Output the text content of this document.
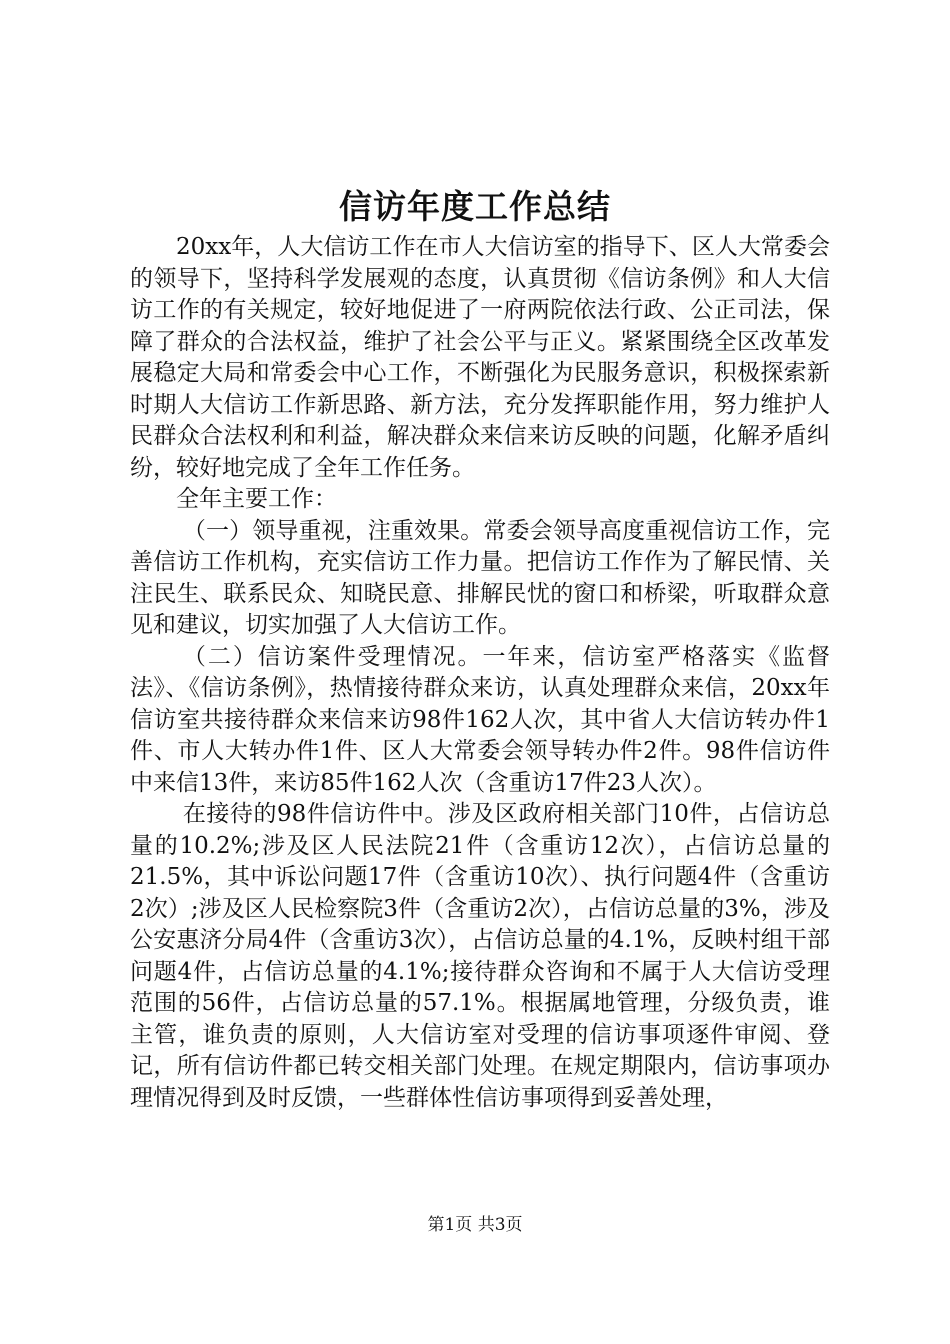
信访年度工作总结

20xx年，人大信访工作在市人大信访室的指导下、区人大常委会的领导下，坚持科学发展观的态度，认真贯彻《信访条例》和人大信访工作的有关规定，较好地促进了一府两院依法行政、公正司法，保障了群众的合法权益，维护了社会公平与正义。紧紧围绕全区改革发展稳定大局和常委会中心工作，不断强化为民服务意识，积极探索新时期人大信访工作新思路、新方法，充分发挥职能作用，努力维护人民群众合法权利和利益，解决群众来信来访反映的问题，化解矛盾纠纷，较好地完成了全年工作任务。

全年主要工作：

（一）领导重视，注重效果。常委会领导高度重视信访工作，完善信访工作机构，充实信访工作力量。把信访工作作为了解民情、关注民生、联系民众、知晓民意、排解民忧的窗口和桥梁，听取群众意见和建议，切实加强了人大信访工作。

（二）信访案件受理情况。一年来，信访室严格落实《监督法》、《信访条例》，热情接待群众来访，认真处理群众来信，20xx年信访室共接待群众来信来访98件162人次，其中省人大信访转办件1件、市人大转办件1件、区人大常委会领导转办件2件。98件信访件中来信13件，来访85件162人次（含重访17件23人次）。

在接待的98件信访件中。涉及区政府相关部门10件，占信访总量的10.2%;涉及区人民法院21件（含重访12次），占信访总量的21.5%，其中诉讼问题17件（含重访10次）、执行问题4件（含重访2次）;涉及区人民检察院3件（含重访2次），占信访总量的3%，涉及公安惠济分局4件（含重访3次），占信访总量的4.1%，反映村组干部问题4件，占信访总量的4.1%;接待群众咨询和不属于人大信访受理范围的56件，占信访总量的57.1%。根据属地管理，分级负责，谁主管，谁负责的原则，人大信访室对受理的信访事项逐件审阅、登记，所有信访件都已转交相关部门处理。在规定期限内，信访事项办理情况得到及时反馈，一些群体性信访事项得到妥善处理，

第1页 共3页
